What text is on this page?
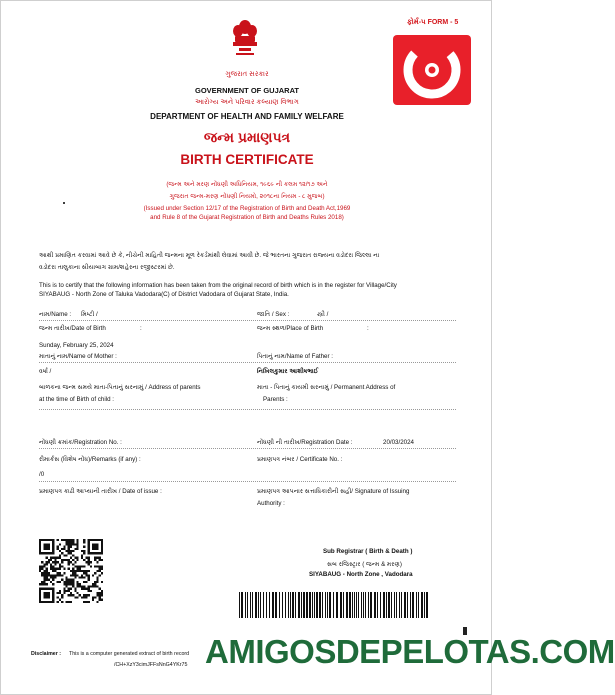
ફોર્મ-૫ FORM - 5
ગુજરાત સરકાર
GOVERNMENT OF GUJARAT
આરોગ્ય અને પરિવાર કલ્યાણ વિભાગ
DEPARTMENT OF HEALTH AND FAMILY WELFARE
જન્મ પ્રમાણપત્ર
BIRTH CERTIFICATE
(જન્મ અને મરણ નોંધણી અધિનિયમ, ૧૯૬૯ ની કલમ ૧૨/૧૭ અને
ગુજરાત જન્મ-મરણ નોંધણી નિયમો, ૨૦૧૮ના નિયમ - ૮ મુજબ)
(Issued under Section 12/17 of the Registration of Birth and Death Act,1969
and Rule 8 of the Gujarat Registration of Birth and Deaths Rules 2018)
આથી પ્રમાણિત કરવામાં આવે છે કે, નીચેની માહિતી જન્મના મૂળ રેકર્ડમાંથી લેવામાં આવી છે. જે ભારતના ગુજરાત રાજ્યના વડોદરા જિલ્લા ના
વડોદરા તાલુકાના સીયાબાગ ગ્રામ/શહેરના રજીસ્ટરમાં છે.
This is to certify that the following information has been taken from the original record of birth which is in the register for Village/City
SIYABAUG - North Zone of Taluka Vadodara(C) of District Vadodara of Gujarat State, India.
નામ/Name : મિષ્ટી /	જાતિ / Sex :	સ્ત્રી /
જન્મ તારીખ/Date of Birth	:	જન્મ સ્થળ/Place of Birth	:
Sunday, February 25, 2024
માતાનું નામ/Name of Mother :	પિતાનું નામ/Name of Father :
વર્ષા /	નિખિલકુમાર આશીષભાઈ
બાળકના જન્મ સમયે માતા-પિતાનું સરનામું / Address of parents
at the time of Birth of child :
માતા - પિતાનું કાયમી સરનામું / Permanent Address of
Parents :
નોંધણી ક્રમાંક/Registration No. :	નોંધણી ની તારીખ/Registration Date :	20/03/2024
રીમાર્કસ (વિશેષ નોંધ)/Remarks (if any) :	પ્રમાણપત્ર નંબર / Certificate No. :
/0
પ્રમાણપત્ર કાઢી આપ્યાની તારીખ / Date of issue :	પ્રમાણપત્ર આપનાર સત્તાધિકારીની સહી/ Signature of Issuing
Authority :
Sub Registrar ( Birth & Death )
સબ રજિસ્ટ્રાર ( જન્મ & મરણ)
SIYABAUG - North Zone , Vadodara
Disclaimer : This is a computer generated extract of birth record
/CH+XzY3cimJFFsNnG4YKr75 AMIGOSDEPELOTAS.COM
